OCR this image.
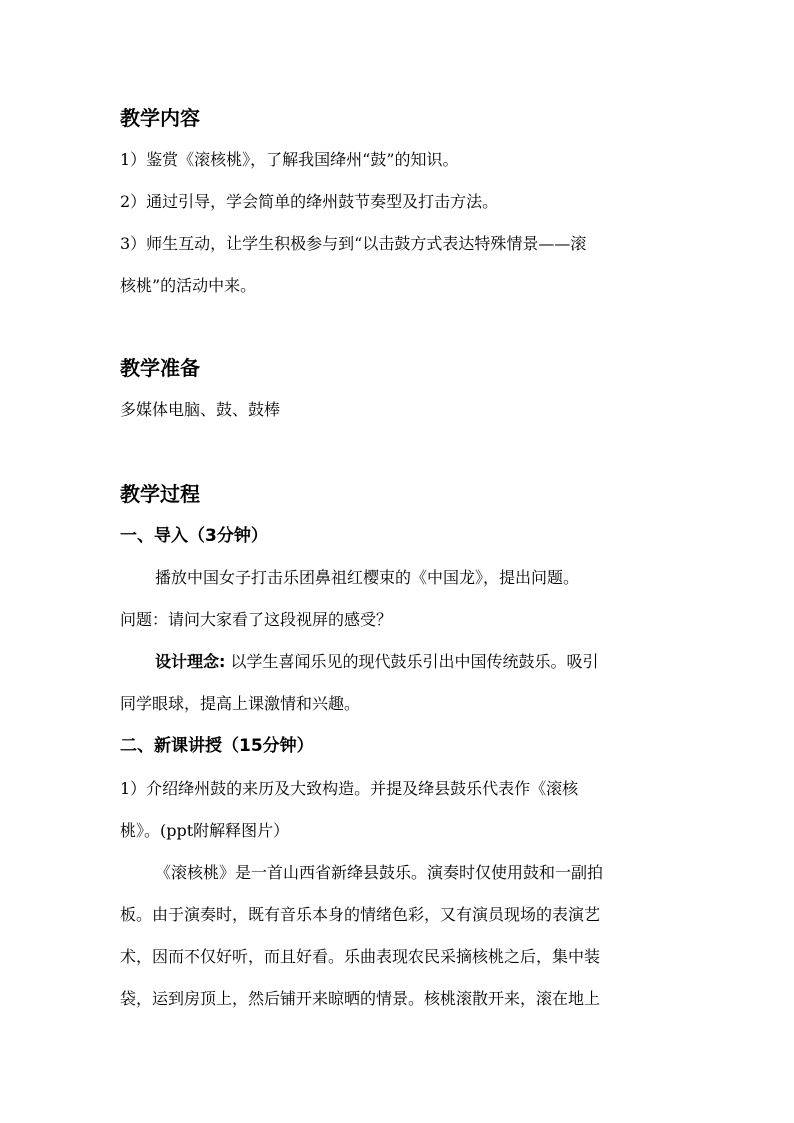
教学内容
1）鉴赏《滚核桃》，了解我国绛州“鼓”的知识。
2）通过引导，学会简单的绛州鼓节奏型及打击方法。
3）师生互动，让学生积极参与到“以击鼓方式表达特殊情景——滚
核桃”的活动中来。
教学准备
多媒体电脑、鼓、鼓棒
教学过程
一、导入（3分钟）
播放中国女子打击乐团鼻祖红樱束的《中国龙》，提出问题。
问题：请问大家看了这段视屏的感受？
设计理念: 以学生喜闻乐见的现代鼓乐引出中国传统鼓乐。吸引
同学眼球，提高上课激情和兴趣。
二、新课讲授（15分钟）
1）介绍绛州鼓的来历及大致构造。并提及绛县鼓乐代表作《滚核
桃》。(ppt附解释图片）
《滚核桃》是一首山西省新绛县鼓乐。演奏时仅使用鼓和一副拍
板。由于演奏时，既有音乐本身的情绪色彩，又有演员现场的表演艺
术，因而不仅好听，而且好看。乐曲表现农民采摘核桃之后，集中装
袋，运到房顶上，然后铺开来晾晒的情景。核桃滚散开来，滚在地上
